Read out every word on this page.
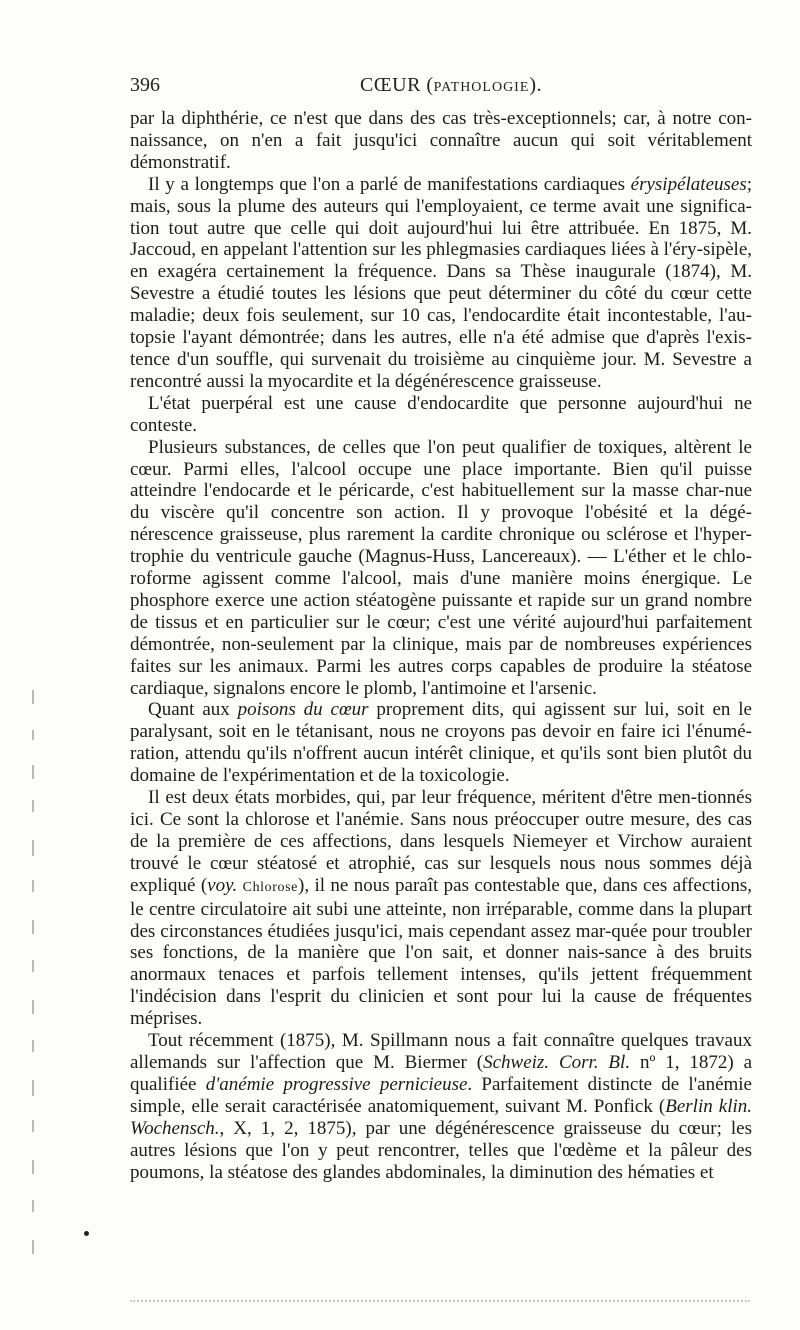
396	CŒUR (PATHOLOGIE).

par la diphthérie, ce n'est que dans des cas très-exceptionnels; car, à notre con-naissance, on n'en a fait jusqu'ici connaître aucun qui soit véritablement démonstratif.

Il y a longtemps que l'on a parlé de manifestations cardiaques érysipélateuses; mais, sous la plume des auteurs qui l'employaient, ce terme avait une significa-tion tout autre que celle qui doit aujourd'hui lui être attribuée. En 1875, M. Jaccoud, en appelant l'attention sur les phlegmasies cardiaques liées à l'éry-sipèle, en exagéra certainement la fréquence. Dans sa Thèse inaugurale (1874), M. Sevestre a étudié toutes les lésions que peut déterminer du côté du cœur cette maladie; deux fois seulement, sur 10 cas, l'endocardite était incontestable, l'au-topsie l'ayant démontrée; dans les autres, elle n'a été admise que d'après l'exis-tence d'un souffle, qui survenait du troisième au cinquième jour. M. Sevestre a rencontré aussi la myocardite et la dégénérescence graisseuse.

L'état puerpéral est une cause d'endocardite que personne aujourd'hui ne conteste.

Plusieurs substances, de celles que l'on peut qualifier de toxiques, altèrent le cœur. Parmi elles, l'alcool occupe une place importante. Bien qu'il puisse atteindre l'endocarde et le péricarde, c'est habituellement sur la masse char-nue du viscère qu'il concentre son action. Il y provoque l'obésité et la dégé-nérescence graisseuse, plus rarement la cardite chronique ou sclérose et l'hyper-trophie du ventricule gauche (Magnus-Huss, Lancereaux). — L'éther et le chlo-roforme agissent comme l'alcool, mais d'une manière moins énergique. Le phosphore exerce une action stéatogène puissante et rapide sur un grand nombre de tissus et en particulier sur le cœur; c'est une vérité aujourd'hui parfaitement démontrée, non-seulement par la clinique, mais par de nombreuses expériences faites sur les animaux. Parmi les autres corps capables de produire la stéatose cardiaque, signalons encore le plomb, l'antimoine et l'arsenic.

Quant aux poisons du cœur proprement dits, qui agissent sur lui, soit en le paralysant, soit en le tétanisant, nous ne croyons pas devoir en faire ici l'énumé-ration, attendu qu'ils n'offrent aucun intérêt clinique, et qu'ils sont bien plutôt du domaine de l'expérimentation et de la toxicologie.

Il est deux états morbides, qui, par leur fréquence, méritent d'être men-tionnés ici. Ce sont la chlorose et l'anémie. Sans nous préoccuper outre mesure, des cas de la première de ces affections, dans lesquels Niemeyer et Virchow auraient trouvé le cœur stéatosé et atrophié, cas sur lesquels nous nous sommes déjà expliqué (voy. Chlorose), il ne nous paraît pas contestable que, dans ces affections, le centre circulatoire ait subi une atteinte, non irréparable, comme dans la plupart des circonstances étudiées jusqu'ici, mais cependant assez mar-quée pour troubler ses fonctions, de la manière que l'on sait, et donner nais-sance à des bruits anormaux tenaces et parfois tellement intenses, qu'ils jettent fréquemment l'indécision dans l'esprit du clinicien et sont pour lui la cause de fréquentes méprises.

Tout récemment (1875), M. Spillmann nous a fait connaître quelques travaux allemands sur l'affection que M. Biermer (Schweiz. Corr. Bl. nº 1, 1872) a qualifiée d'anémie progressive pernicieuse. Parfaitement distincte de l'anémie simple, elle serait caractérisée anatomiquement, suivant M. Ponfick (Berlin klin. Wochensch., X, 1, 2, 1875), par une dégénérescence graisseuse du cœur; les autres lésions que l'on y peut rencontrer, telles que l'œdème et la pâleur des poumons, la stéatose des glandes abdominales, la diminution des hématies et
